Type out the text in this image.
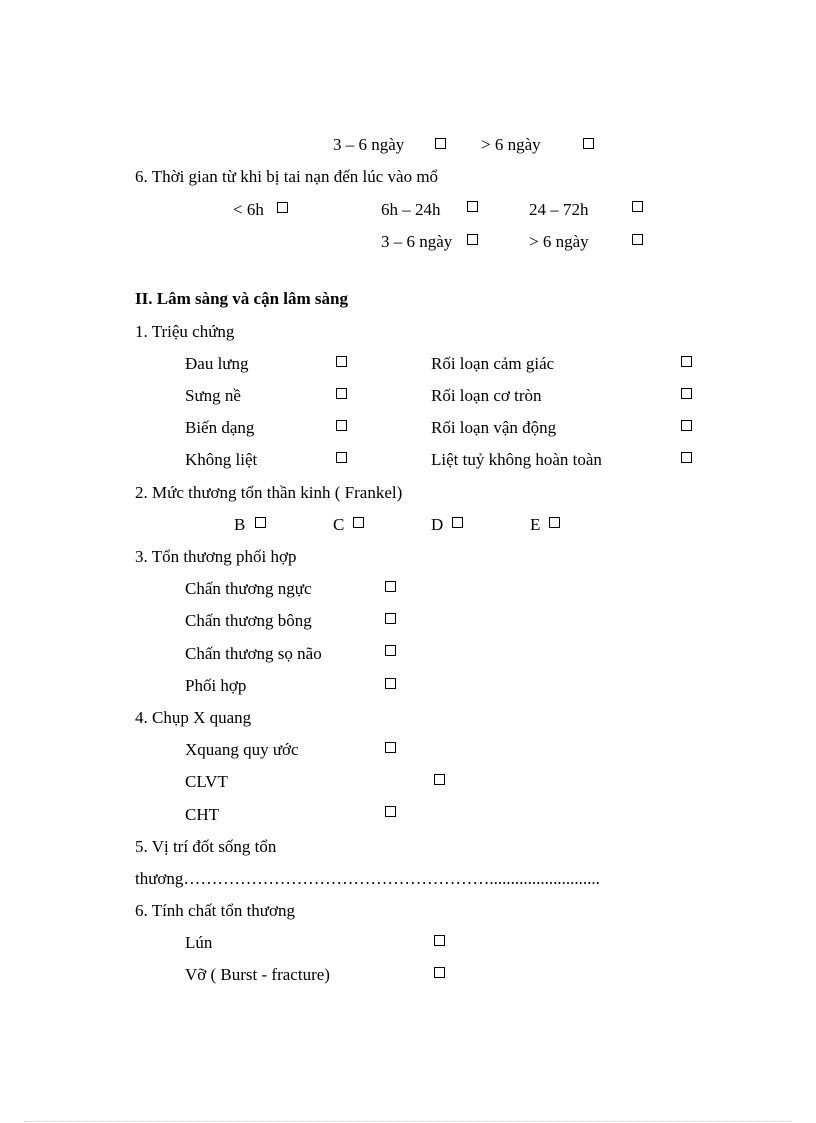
3 – 6 ngày	> 6 ngày
6. Thời gian từ khi bị tai nạn đến lúc vào mổ
< 6h	6h – 24h	24 – 72h
3 – 6 ngày	> 6 ngày
II. Lâm sàng và cận lâm sàng
1. Triệu chứng
Đau lưng	Rối loạn cảm giác
Sưng nề	Rối loạn cơ tròn
Biến dạng	Rối loạn vận động
Không liệt	Liệt tuỷ không hoàn toàn
2. Mức thương tổn thần kinh ( Frankel)
B	C	D	E
3. Tổn thương phối hợp
Chấn thương ngực
Chấn thương bông
Chấn thương sọ não
Phối hợp
4. Chụp X quang
Xquang quy ước
CLVT
CHT
5. Vị trí đốt sống tổn
thương………………………………………………..........................
6. Tính chất tổn thương
Lún
Vỡ ( Burst - fracture)
